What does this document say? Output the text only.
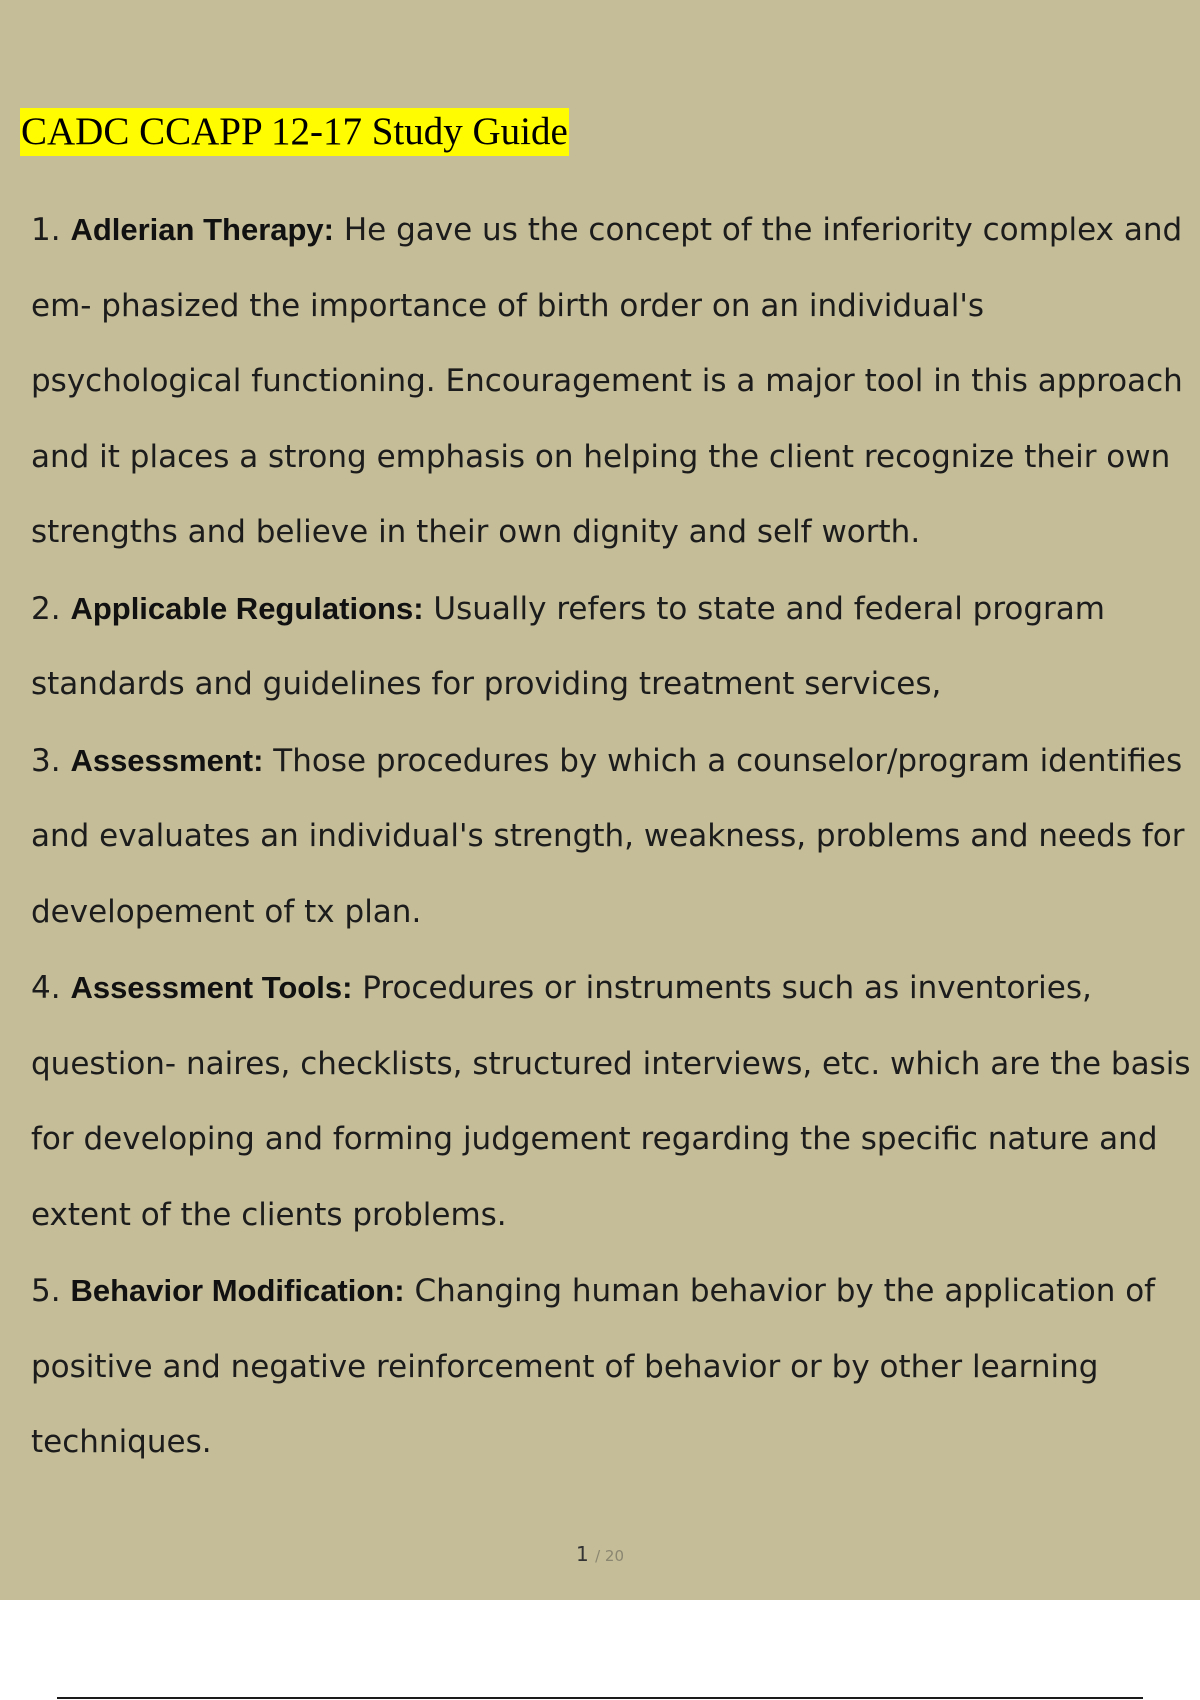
CADC CCAPP 12-17 Study Guide
1. Adlerian Therapy: He gave us the concept of the inferiority complex and em- phasized the importance of birth order on an individual's psychological functioning. Encouragement is a major tool in this approach and it places a strong emphasis on helping the client recognize their own strengths and believe in their own dignity and self worth.
2. Applicable Regulations: Usually refers to state and federal program standards and guidelines for providing treatment services,
3. Assessment: Those procedures by which a counselor/program identifies and evaluates an individual's strength, weakness, problems and needs for developement of tx plan.
4. Assessment Tools: Procedures or instruments such as inventories, question- naires, checklists, structured interviews, etc. which are the basis for developing and forming judgement regarding the specific nature and extent of the clients problems.
5. Behavior Modification: Changing human behavior by the application of positive and negative reinforcement of behavior or by other learning techniques.
1 / 20
